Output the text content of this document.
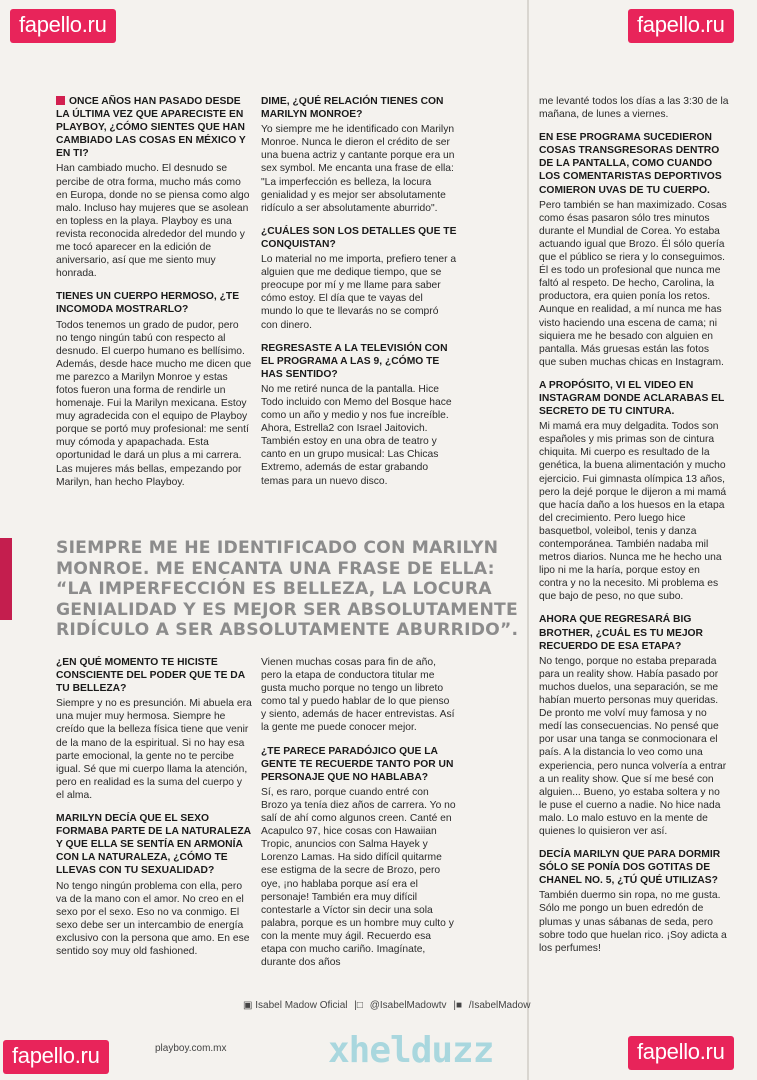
fapello.ru	fapello.ru
fapello.ru
fapello.ru
ONCE AÑOS HAN PASADO DESDE LA ÚLTIMA VEZ QUE APARECISTE EN PLAYBOY, ¿CÓMO SIENTES QUE HAN CAMBIADO LAS COSAS EN MÉXICO Y EN TI?

Han cambiado mucho. El desnudo se percibe de otra forma, mucho más como en Europa, donde no se piensa como algo malo. Incluso hay mujeres que se asolean en topless en la playa. Playboy es una revista reconocida alrededor del mundo y me tocó aparecer en la edición de aniversario, así que me siento muy honrada.

TIENES UN CUERPO HERMOSO, ¿TE INCOMODA MOSTRARLO?

Todos tenemos un grado de pudor, pero no tengo ningún tabú con respecto al desnudo. El cuerpo humano es bellísimo. Además, desde hace mucho me dicen que me parezco a Marilyn Monroe y estas fotos fueron una forma de rendirle un homenaje. Fui la Marilyn mexicana. Estoy muy agradecida con el equipo de Playboy porque se portó muy profesional: me sentí muy cómoda y apapachada. Esta oportunidad le dará un plus a mi carrera. Las mujeres más bellas, empezando por Marilyn, han hecho Playboy.

DIME, ¿QUÉ RELACIÓN TIENES CON MARILYN MONROE?

Yo siempre me he identificado con Marilyn Monroe. Nunca le dieron el crédito de ser una buena actriz y cantante porque era un sex symbol. Me encanta una frase de ella: "La imperfección es belleza, la locura genialidad y es mejor ser absolutamente ridículo a ser absolutamente aburrido".

¿CUÁLES SON LOS DETALLES QUE TE CONQUISTAN?

Lo material no me importa, prefiero tener a alguien que me dedique tiempo, que se preocupe por mí y me llame para saber cómo estoy. El día que te vayas del mundo lo que te llevarás no se compró con dinero.

REGRESASTE A LA TELEVISIÓN CON EL PROGRAMA A LAS 9, ¿CÓMO TE HAS SENTIDO?

No me retiré nunca de la pantalla. Hice Todo incluido con Memo del Bosque hace como un año y medio y nos fue increíble. Ahora, Estrella2 con Israel Jaitovich. También estoy en una obra de teatro y canto en un grupo musical: Las Chicas Extremo, además de estar grabando temas para un nuevo disco.

me levanté todos los días a las 3:30 de la mañana, de lunes a viernes.

EN ESE PROGRAMA SUCEDIERON COSAS TRANSGRESORAS DENTRO DE LA PANTALLA, COMO CUANDO LOS COMENTARISTAS DEPORTIVOS COMIERON UVAS DE TU CUERPO.

Pero también se han maximizado. Cosas como ésas pasaron sólo tres minutos durante el Mundial de Corea. Yo estaba actuando igual que Brozo. Él sólo quería que el público se riera y lo conseguimos. Él es todo un profesional que nunca me faltó al respeto. De hecho, Carolina, la productora, era quien ponía los retos. Aunque en realidad, a mí nunca me has visto haciendo una escena de cama; ni siquiera me he besado con alguien en pantalla. Más gruesas están las fotos que suben muchas chicas en Instagram.

A PROPÓSITO, VI EL VIDEO EN INSTAGRAM DONDE ACLARABAS EL SECRETO DE TU CINTURA.

Mi mamá era muy delgadita. Todos son españoles y mis primas son de cintura chiquita. Mi cuerpo es resultado de la genética, la buena alimentación y mucho ejercicio. Fui gimnasta olímpica 13 años, pero la dejé porque le dijeron a mi mamá que hacía daño a los huesos en la etapa del crecimiento. Pero luego hice basquetbol, voleibol, tenis y danza contemporánea. También nadaba mil metros diarios. Nunca me he hecho una lipo ni me la haría, porque estoy en contra y no la necesito. Mi problema es que bajo de peso, no que subo.

AHORA QUE REGRESARÁ BIG BROTHER, ¿CUÁL ES TU MEJOR RECUERDO DE ESA ETAPA?

No tengo, porque no estaba preparada para un reality show. Había pasado por muchos duelos, una separación, se me habían muerto personas muy queridas. De pronto me volví muy famosa y no medí las consecuencias. No pensé que por usar una tanga se conmocionara el país. A la distancia lo veo como una experiencia, pero nunca volvería a entrar a un reality show. Que sí me besé con alguien... Bueno, yo estaba soltera y no le puse el cuerno a nadie. No hice nada malo. Lo malo estuvo en la mente de quienes lo quisieron ver así.

DECÍA MARILYN QUE PARA DORMIR SÓLO SE PONÍA DOS GOTITAS DE CHANEL NO. 5, ¿TÚ QUÉ UTILIZAS?

También duermo sin ropa, no me gusta. Sólo me pongo un buen edredón de plumas y unas sábanas de seda, pero sobre todo que huelan rico. ¡Soy adicta a los perfumes!

SIEMPRE ME HE IDENTIFICADO CON MARILYN MONROE. ME ENCANTA UNA FRASE DE ELLA: “LA IMPERFECCIÓN ES BELLEZA, LA LOCURA GENIALIDAD Y ES MEJOR SER ABSOLUTAMENTE RIDÍCULO A SER ABSOLUTAMENTE ABURRIDO”.
¿EN QUÉ MOMENTO TE HICISTE CONSCIENTE DEL PODER QUE TE DA TU BELLEZA?

Siempre y no es presunción. Mi abuela era una mujer muy hermosa. Siempre he creído que la belleza física tiene que venir de la mano de la espiritual. Si no hay esa parte emocional, la gente no te percibe igual. Sé que mi cuerpo llama la atención, pero en realidad es la suma del cuerpo y el alma.

MARILYN DECÍA QUE EL SEXO FORMABA PARTE DE LA NATURALEZA Y QUE ELLA SE SENTÍA EN ARMONÍA CON LA NATURALEZA, ¿CÓMO TE LLEVAS CON TU SEXUALIDAD?

No tengo ningún problema con ella, pero va de la mano con el amor. No creo en el sexo por el sexo. Eso no va conmigo. El sexo debe ser un intercambio de energía exclusivo con la persona que amo. En ese sentido soy muy old fashioned.

Vienen muchas cosas para fin de año, pero la etapa de conductora titular me gusta mucho porque no tengo un libreto como tal y puedo hablar de lo que pienso y siento, además de hacer entrevistas. Así la gente me puede conocer mejor.

¿TE PARECE PARADÓJICO QUE LA GENTE TE RECUERDE TANTO POR UN PERSONAJE QUE NO HABLABA?

Sí, es raro, porque cuando entré con Brozo ya tenía diez años de carrera. Yo no salí de ahí como algunos creen. Canté en Acapulco 97, hice cosas con Hawaiian Tropic, anuncios con Salma Hayek y Lorenzo Lamas. Ha sido difícil quitarme ese estigma de la secre de Brozo, pero oye, ¡no hablaba porque así era el personaje! También era muy difícil contestarle a Víctor sin decir una sola palabra, porque es un hombre muy culto y con la mente muy ágil. Recuerdo esa etapa con mucho cariño. Imagínate, durante dos años

▣ Isabel Madow Oficial |□ @IsabelMadowtv |■ /IsabelMadow
playboy.com.mx	xhelduzz
